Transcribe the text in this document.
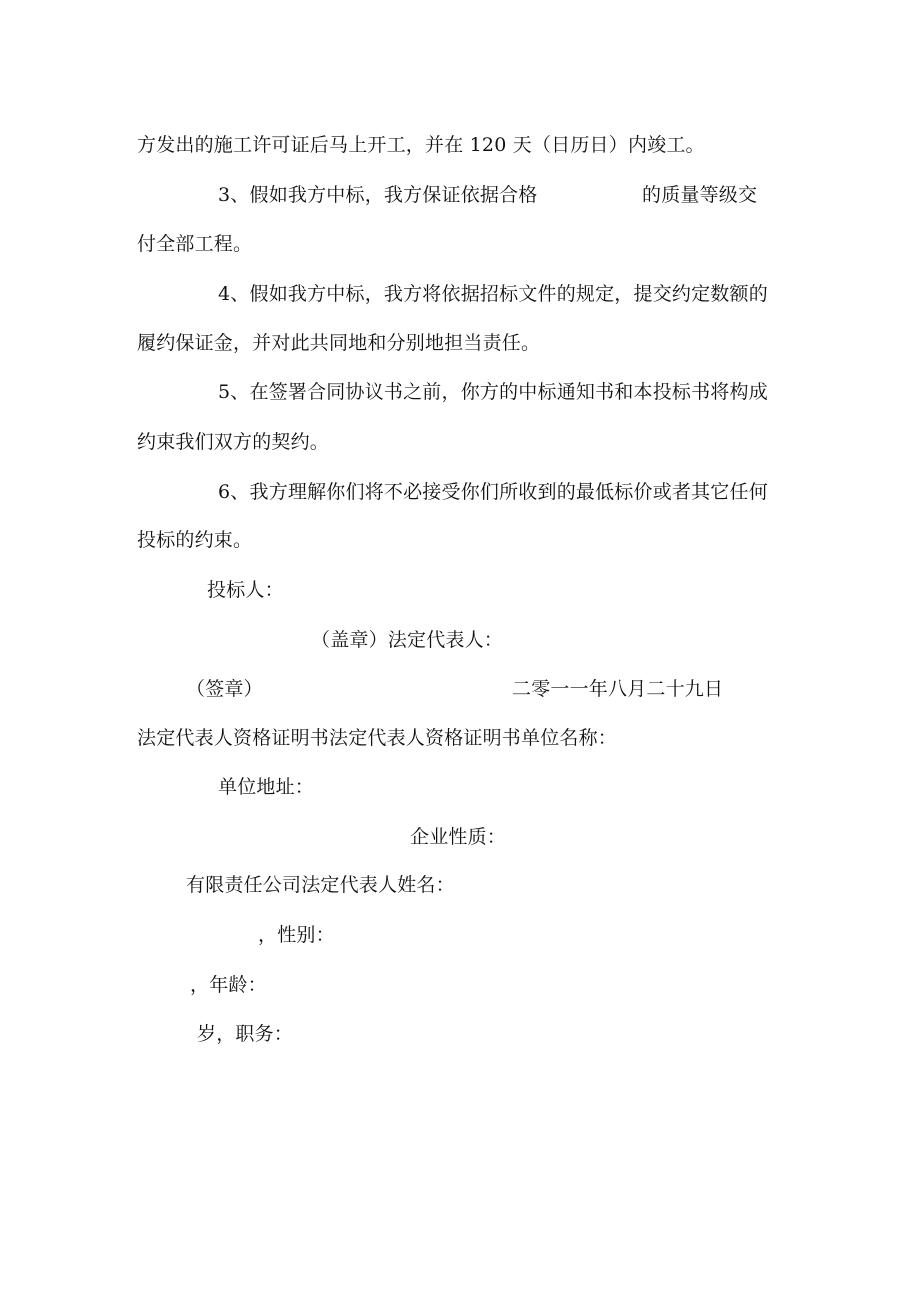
方发出的施工许可证后马上开工，并在 120 天（日历日）内竣工。
3、假如我方中标，我方保证依据合格	的质量等级交
付全部工程。
4、假如我方中标，我方将依据招标文件的规定，提交约定数额的
履约保证金，并对此共同地和分别地担当责任。
5、在签署合同协议书之前，你方的中标通知书和本投标书将构成
约束我们双方的契约。
6、我方理解你们将不必接受你们所收到的最低标价或者其它任何
投标的约束。
投标人：
（盖章）法定代表人：
（签章）	二零一一年八月二十九日
法定代表人资格证明书法定代表人资格证明书单位名称：
单位地址：
企业性质：
有限责任公司法定代表人姓名：
，性别：
，年龄：
岁，职务：
